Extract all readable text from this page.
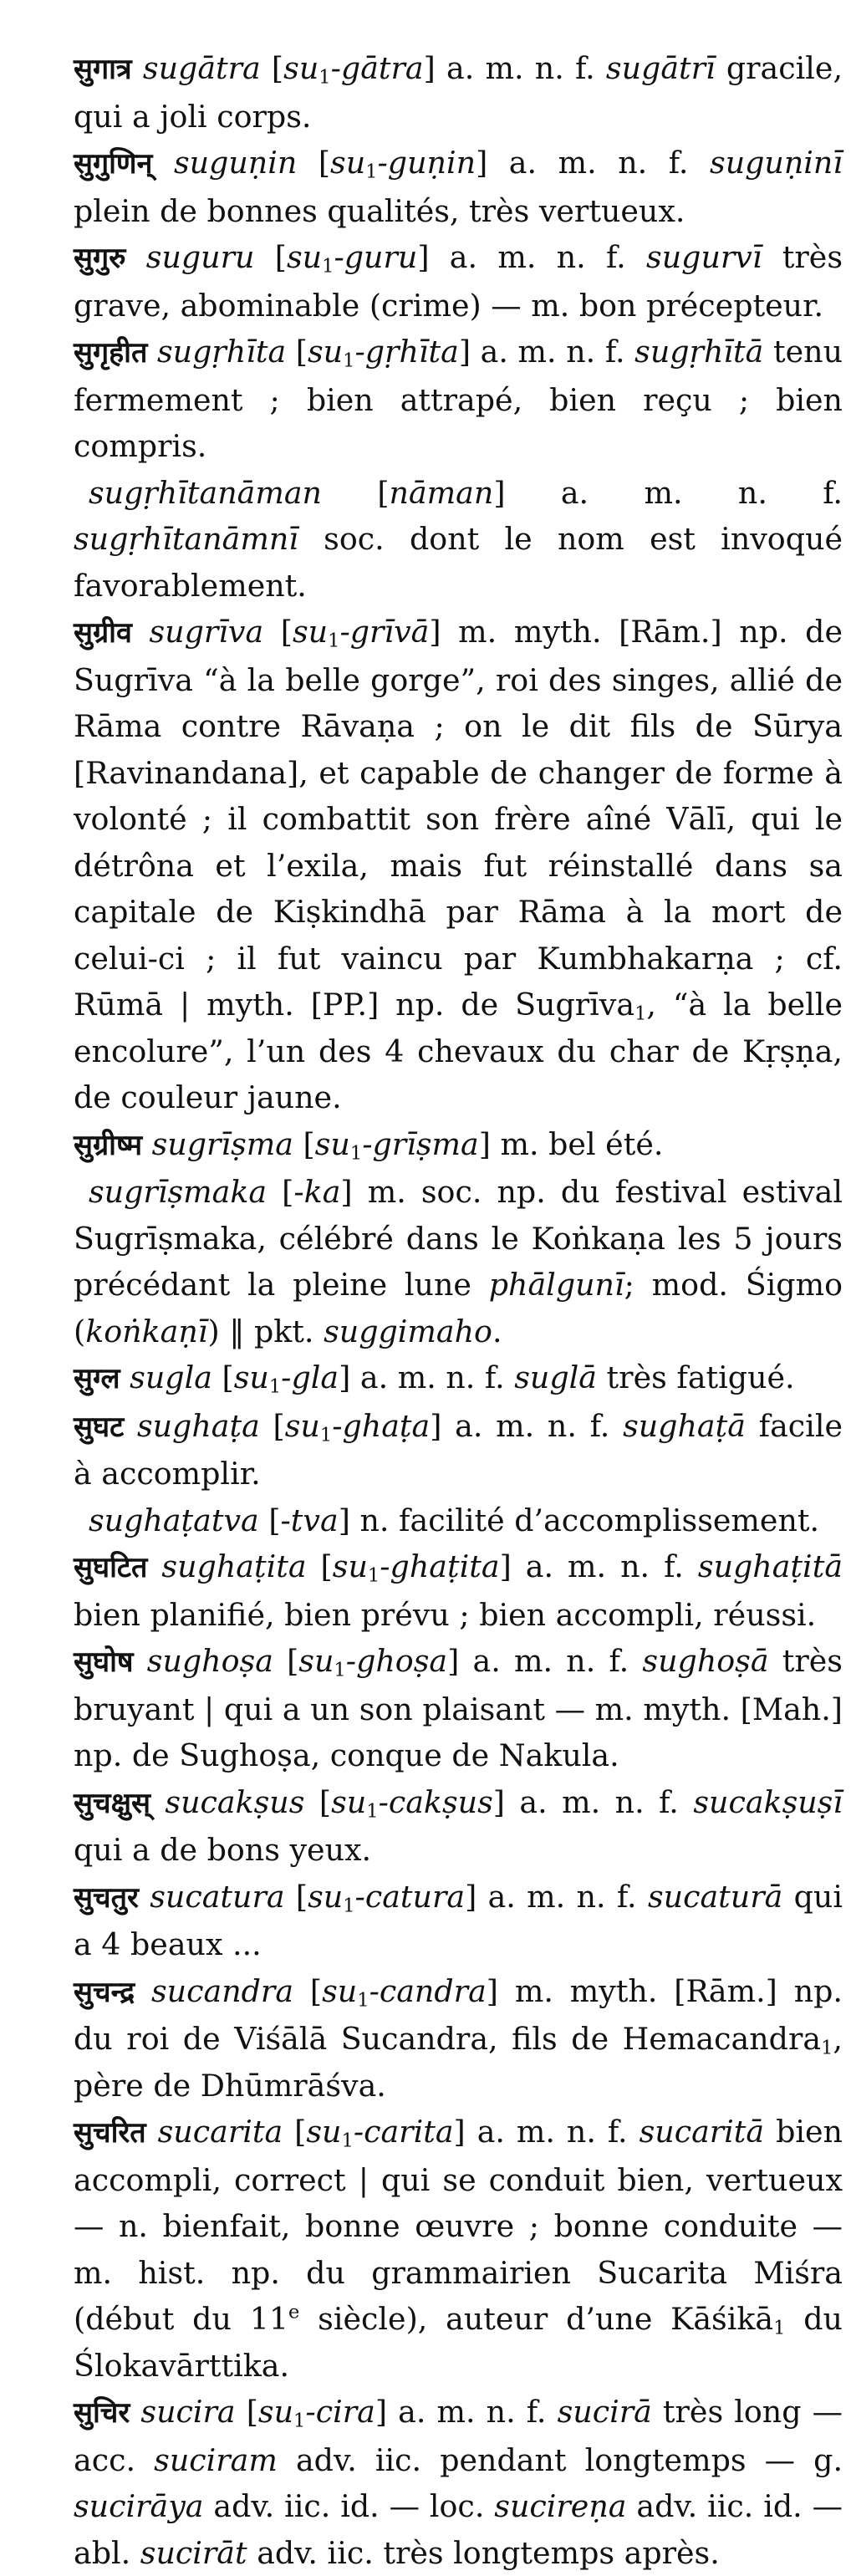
सुगात्र sugātra $[su_1-gātra]$ a. m. n. f. sugātrī gracile, qui a joli corps.

सुगुणिन् suguṇin $[su_1-guṇin]$ a. m. n. f. suguṇinī plein de bonnes qualités, très vertueux.

सुगुरु suguru $[su_1-guru]$ a. m. n. f. sugurvī très grave, abominable (crime) — m. bon précepteur.

सुगृहीत sugṛhīta $[su_1-gṛhīta]$ a. m. n. f. sugṛhītā tenu fermement ; bien attrapé, bien reçu ; bien compris.

sugṛhītanāman [nāman] a. m. n. f. sugṛhītanāmnī soc. dont le nom est invoqué favorablement.

सुग्रीव sugrīva $[su_1-grīvā]$ m. myth. [Rām.] np. de Sugrīva “à la belle gorge”, roi des singes, allié de Rāma contre Rāvaṇa ; on le dit fils de Sūrya [Ravinandana], et capable de changer de forme à volonté ; il combattit son frère aîné Vālī, qui le détrôna et l’exila, mais fut réinstallé dans sa capitale de Kiṣkindhā par Rāma à la mort de celui-ci ; il fut vaincu par Kumbhakarṇa ; cf. Rūmā | myth. [PP.] np. de Sugrīva$_1$, “à la belle encolure”, l’un des 4 chevaux du char de Kṛṣṇa, de couleur jaune.

सुग्रीष्म sugrīṣma $[su_1-grīṣma]$ m. bel été.

sugrīṣmaka [-ka] m. soc. np. du festival estival Sugrīṣmaka, célébré dans le Koṅkaṇa les 5 jours précédant la pleine lune phālgunī; mod. Śigmo (koṅkaṇī) ‖ pkt. suggimaho.

सुग्ल sugla $[su_1-gla]$ a. m. n. f. suglā très fatigué.

सुघट sughaṭa $[su_1-ghaṭa]$ a. m. n. f. sughaṭā facile à accomplir.

sughaṭatva [-tva] n. facilité d’accomplissement.

सुघटित sughaṭita $[su_1-ghaṭita]$ a. m. n. f. sughaṭitā bien planifié, bien prévu ; bien accompli, réussi.

सुघोष sughoṣa $[su_1-ghoṣa]$ a. m. n. f. sughoṣā très bruyant | qui a un son plaisant — m. myth. [Mah.] np. de Sughoṣa, conque de Nakula.

सुचक्षुस् sucakṣus $[su_1-cakṣus]$ a. m. n. f. sucakṣuṣī qui a de bons yeux.

सुचतुर sucatura $[su_1-catura]$ a. m. n. f. sucaturā qui a 4 beaux ...

सुचन्द्र sucandra $[su_1-candra]$ m. myth. [Rām.] np. du roi de Viśālā Sucandra, fils de Hemacandra$_1$, père de Dhūmrāśva.

सुचरित sucarita $[su_1-carita]$ a. m. n. f. sucaritā bien accompli, correct | qui se conduit bien, vertueux — n. bienfait, bonne œuvre ; bonne conduite — m. hist. np. du grammairien Sucarita Miśra (début du 11e siècle), auteur d’une Kāśikā$_1$ du Ślokavārttika.

सुचिर sucira $[su_1-cira]$ a. m. n. f. sucirā très long — acc. suciram adv. iic. pendant longtemps — g. sucirāya adv. iic. id. — loc. sucireṇa adv. iic. id. — abl. sucirāt adv. iic. très longtemps après.
